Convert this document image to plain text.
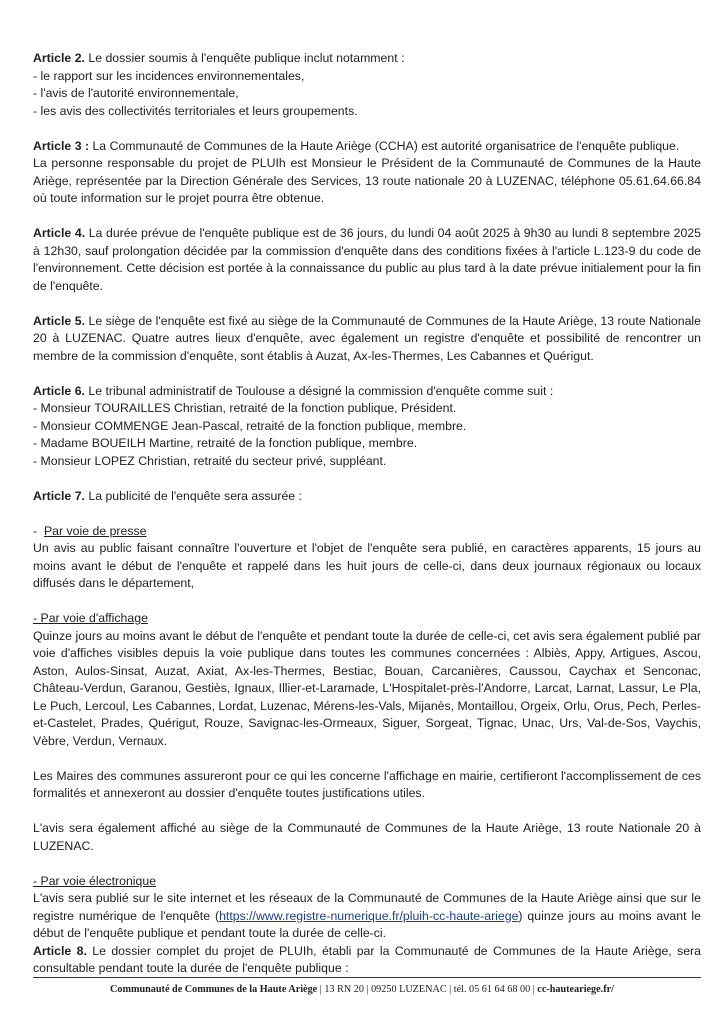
Article 2. Le dossier soumis à l'enquête publique inclut notamment :

- le rapport sur les incidences environnementales,

- l'avis de l'autorité environnementale,

- les avis des collectivités territoriales et leurs groupements.

Article 3 : La Communauté de Communes de la Haute Ariège (CCHA) est autorité organisatrice de l'enquête publique.

La personne responsable du projet de PLUIh est Monsieur le Président de la Communauté de Communes de la Haute Ariège, représentée par la Direction Générale des Services, 13 route nationale 20 à LUZENAC, téléphone 05.61.64.66.84 où toute information sur le projet pourra être obtenue.

Article 4. La durée prévue de l'enquête publique est de 36 jours, du lundi 04 août 2025 à 9h30 au lundi 8 septembre 2025 à 12h30, sauf prolongation décidée par la commission d'enquête dans des conditions fixées à l'article L.123-9 du code de l'environnement. Cette décision est portée à la connaissance du public au plus tard à la date prévue initialement pour la fin de l'enquête.

Article 5. Le siège de l'enquête est fixé au siège de la Communauté de Communes de la Haute Ariège, 13 route Nationale 20 à LUZENAC. Quatre autres lieux d'enquête, avec également un registre d'enquête et possibilité de rencontrer un membre de la commission d'enquête, sont établis à Auzat, Ax-les-Thermes, Les Cabannes et Quérigut.

Article 6. Le tribunal administratif de Toulouse a désigné la commission d'enquête comme suit :

- Monsieur TOURAILLES Christian, retraité de la fonction publique, Président.

- Monsieur COMMENGE Jean-Pascal, retraité de la fonction publique, membre.

- Madame BOUEILH Martine, retraité de la fonction publique, membre.

- Monsieur LOPEZ Christian, retraité du secteur privé, suppléant.

Article 7. La publicité de l'enquête sera assurée :

- Par voie de presse

Un avis au public faisant connaître l'ouverture et l'objet de l'enquête sera publié, en caractères apparents, 15 jours au moins avant le début de l'enquête et rappelé dans les huit jours de celle-ci, dans deux journaux régionaux ou locaux diffusés dans le département,

- Par voie d'affichage

Quinze jours au moins avant le début de l'enquête et pendant toute la durée de celle-ci, cet avis sera également publié par voie d'affiches visibles depuis la voie publique dans toutes les communes concernées : Albiès, Appy, Artigues, Ascou, Aston, Aulos-Sinsat, Auzat, Axiat, Ax-les-Thermes, Bestiac, Bouan, Carcanières, Caussou, Caychax et Senconac, Château-Verdun, Garanou, Gestiès, Ignaux, Illier-et-Laramade, L'Hospitalet-près-l'Andorre, Larcat, Larnat, Lassur, Le Pla, Le Puch, Lercoul, Les Cabannes, Lordat, Luzenac, Mérens-les-Vals, Mijanès, Montaillou, Orgeix, Orlu, Orus, Pech, Perles-et-Castelet, Prades, Quérigut, Rouze, Savignac-les-Ormeaux, Siguer, Sorgeat, Tignac, Unac, Urs, Val-de-Sos, Vaychis, Vèbre, Verdun, Vernaux.

Les Maires des communes assureront pour ce qui les concerne l'affichage en mairie, certifieront l'accomplissement de ces formalités et annexeront au dossier d'enquête toutes justifications utiles.

L'avis sera également affiché au siège de la Communauté de Communes de la Haute Ariège, 13 route Nationale 20 à LUZENAC.

- Par voie électronique

L'avis sera publié sur le site internet et les réseaux de la Communauté de Communes de la Haute Ariège ainsi que sur le registre numérique de l'enquête (https://www.registre-numerique.fr/pluih-cc-haute-ariege) quinze jours au moins avant le début de l'enquête publique et pendant toute la durée de celle-ci.

Article 8. Le dossier complet du projet de PLUIh, établi par la Communauté de Communes de la Haute Ariège, sera consultable pendant toute la durée de l'enquête publique :

Communauté de Communes de la Haute Ariège | 13 RN 20 | 09250 LUZENAC | tél. 05 61 64 68 00 | cc-hauteariege.fr/
